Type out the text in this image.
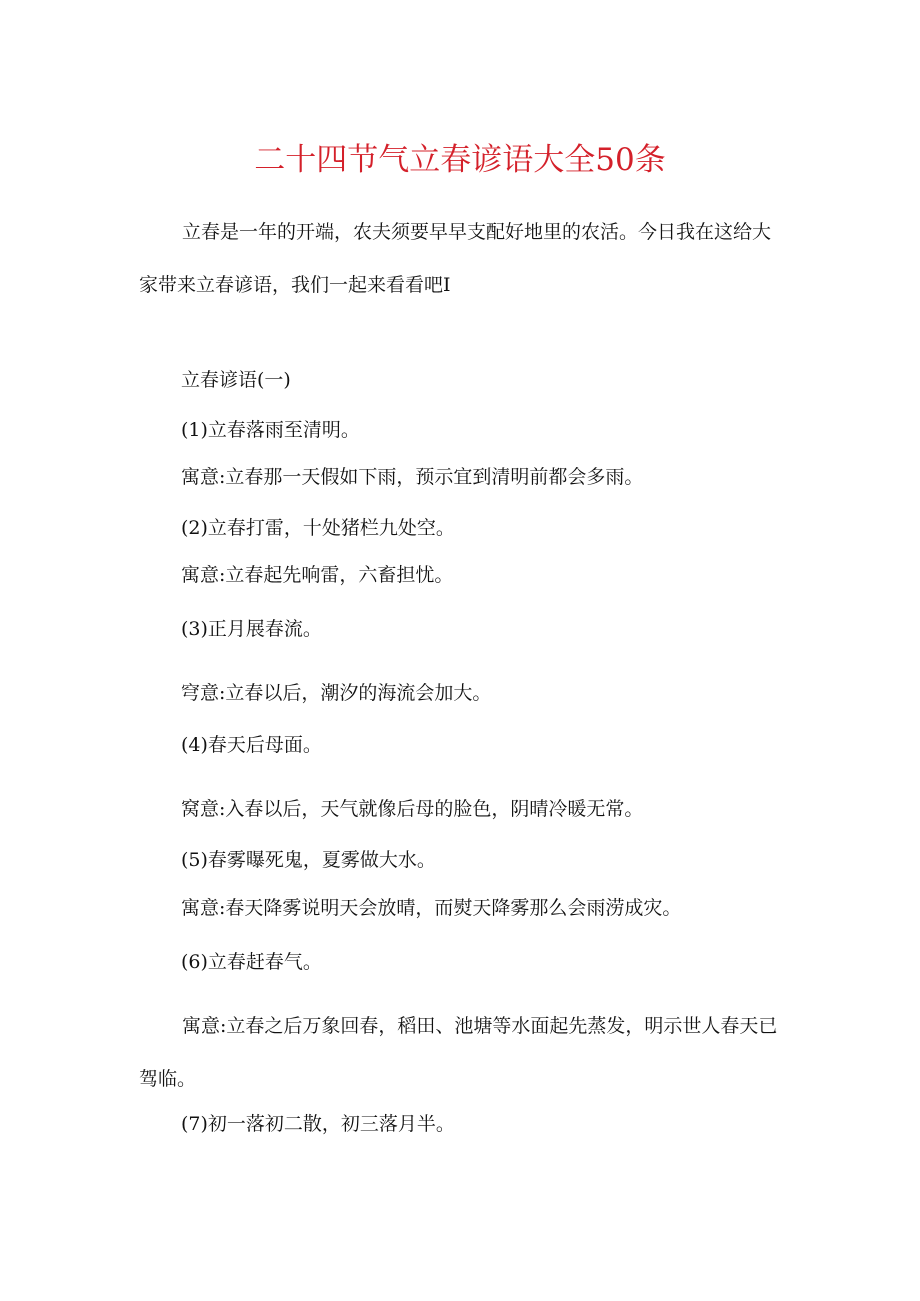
二十四节气立春谚语大全50条

立春是一年的开端，农夫须要早早支配好地里的农活。今日我在这给大家带来立春谚语，我们一起来看看吧I

立春谚语(一)

(1)立春落雨至清明。

寓意:立春那一天假如下雨，预示宜到清明前都会多雨。

(2)立春打雷，十处猪栏九处空。

寓意:立春起先响雷，六畜担忧。

(3)正月展春流。

穹意:立春以后，潮汐的海流会加大。

(4)春天后母面。

窝意:入春以后，天气就像后母的脸色，阴晴冷暖无常。

(5)春雾曝死鬼，夏雾做大水。

寓意:春天降雾说明天会放晴，而熨天降雾那么会雨涝成灾。

(6)立春赶春气。

寓意:立春之后万象回春，稻田、池塘等水面起先蒸发，明示世人春天已驾临。

(7)初一落初二散，初三落月半。
